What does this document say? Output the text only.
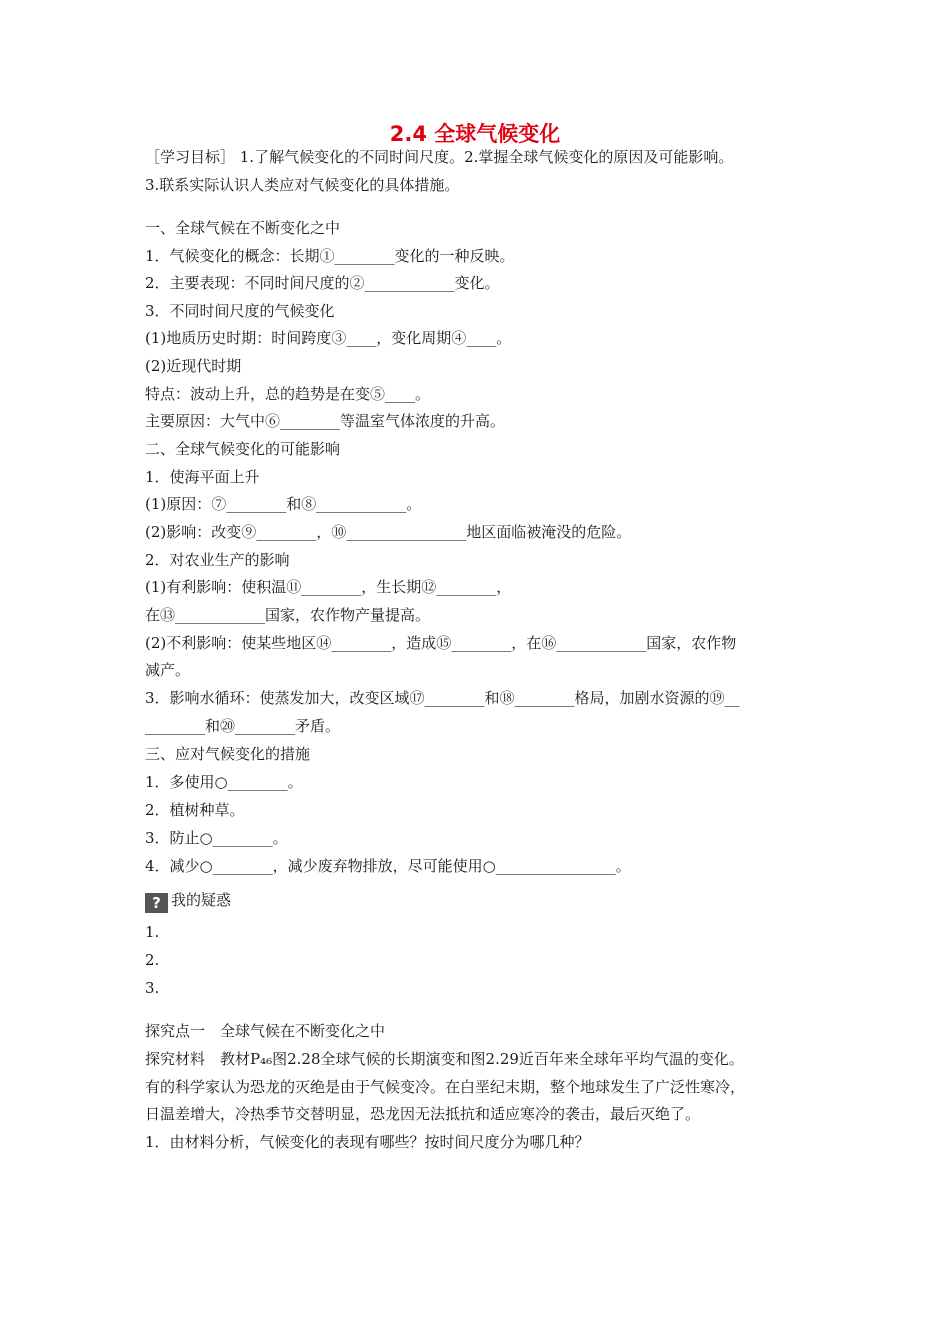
2.4 全球气候变化
［学习目标］ 1.了解气候变化的不同时间尺度。2.掌握全球气候变化的原因及可能影响。
3.联系实际认识人类应对气候变化的具体措施。
一、全球气候在不断变化之中
1．气候变化的概念：长期①________变化的一种反映。
2．主要表现：不同时间尺度的②____________变化。
3．不同时间尺度的气候变化
(1)地质历史时期：时间跨度③____，变化周期④____。
(2)近现代时期
特点：波动上升，总的趋势是在变⑤____。
主要原因：大气中⑥________等温室气体浓度的升高。
二、全球气候变化的可能影响
1．使海平面上升
(1)原因：⑦________和⑧____________。
(2)影响：改变⑨________，⑩________________地区面临被淹没的危险。
2．对农业生产的影响
(1)有利影响：使积温⑪________，生长期⑫________，
在⑬____________国家，农作物产量提高。
(2)不利影响：使某些地区⑭________，造成⑮________，在⑯____________国家，农作物
减产。
3．影响水循环：使蒸发加大，改变区域⑰________和⑱________格局，加剧水资源的⑲__
________和⑳________矛盾。
三、应对气候变化的措施
1．多使用○________。
2．植树种草。
3．防止○________。
4．减少○________，减少废弃物排放，尽可能使用○________________。
? 我的疑惑
1.
2.
3.
探究点一　全球气候在不断变化之中
探究材料　教材P₄₆图2.28全球气候的长期演变和图2.29近百年来全球年平均气温的变化。
有的科学家认为恐龙的灭绝是由于气候变冷。在白垩纪末期，整个地球发生了广泛性寒冷，
日温差增大，冷热季节交替明显，恐龙因无法抵抗和适应寒冷的袭击，最后灭绝了。
1．由材料分析，气候变化的表现有哪些？按时间尺度分为哪几种？
